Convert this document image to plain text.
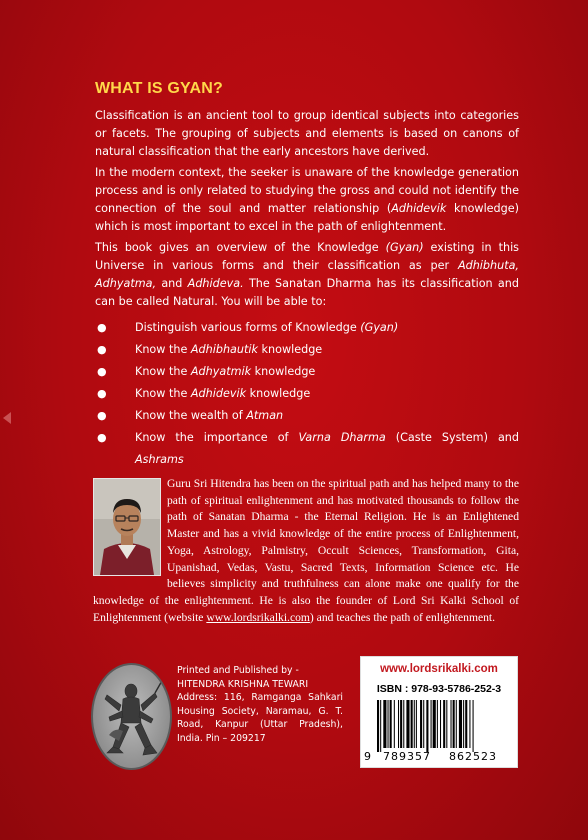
WHAT IS GYAN?

Classification is an ancient tool to group identical subjects into categories or facets. The grouping of subjects and elements is based on canons of natural classification that the early ancestors have derived.

In the modern context, the seeker is unaware of the knowledge generation process and is only related to studying the gross and could not identify the connection of the soul and matter relationship (Adhidevik knowledge) which is most important to excel in the path of enlightenment.

This book gives an overview of the Knowledge (Gyan) existing in this Universe in various forms and their classification as per Adhibhuta, Adhyatma, and Adhideva. The Sanatan Dharma has its classification and can be called Natural. You will be able to:

●	Distinguish various forms of Knowledge (Gyan)
●	Know the Adhibhautik knowledge
●	Know the Adhyatmik knowledge
●	Know the Adhidevik knowledge
●	Know the wealth of Atman
●	Know the importance of Varna Dharma (Caste System) and Ashrams
Guru Sri Hitendra has been on the spiritual path and has helped many to the path of spiritual enlightenment and has motivated thousands to follow the path of Sanatan Dharma - the Eternal Religion. He is an Enlightened Master and has a vivid knowledge of the entire process of Enlightenment, Yoga, Astrology, Palmistry, Occult Sciences, Transformation, Gita, Upanishad, Vedas, Vastu, Sacred Texts, Information Science etc. He believes simplicity and truthfulness can alone make one qualify for the knowledge of the enlightenment. He is also the founder of Lord Sri Kalki School of Enlightenment (website www.lordsrikalki.com) and teaches the path of enlightenment.
Printed and Published by -
HITENDRA KRISHNA TEWARI
Address: 116, Ramganga Sahkari Housing Society, Naramau, G. T. Road, Kanpur (Uttar Pradesh), India. Pin – 209217
www.lordsrikalki.com
ISBN : 978-93-5786-252-3
9 789357 862523
